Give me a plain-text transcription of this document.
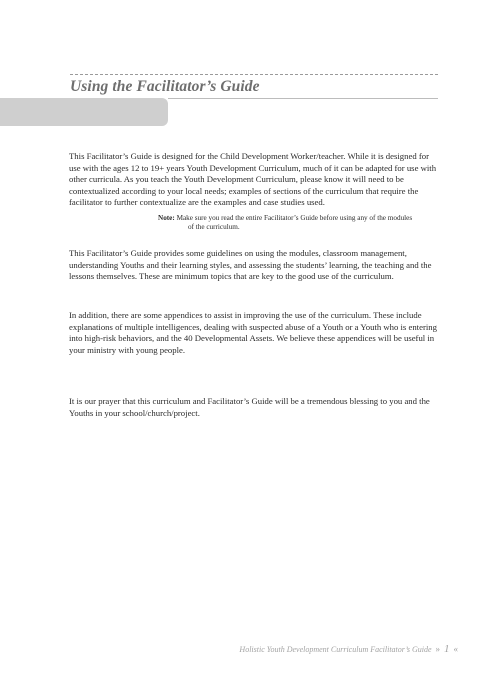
Using the Facilitator’s Guide

This Facilitator’s Guide is designed for the Child Development Worker/teacher. While it is designed for use with the ages 12 to 19+ years Youth Development Curriculum, much of it can be adapted for use with other curricula. As you teach the Youth Development Curriculum, please know it will need to be contextualized according to your local needs; examples of sections of the curriculum that require the facilitator to further contextualize are the examples and case studies used.

Note: Make sure you read the entire Facilitator’s Guide before using any of the modules
of the curriculum.

This Facilitator’s Guide provides some guidelines on using the modules, classroom management, understanding Youths and their learning styles, and assessing the students’ learning, the teaching and the lessons themselves. These are minimum topics that are key to the good use of the curriculum.

In addition, there are some appendices to assist in improving the use of the curriculum. These include explanations of multiple intelligences, dealing with suspected abuse of a Youth or a Youth who is entering into high-risk behaviors, and the 40 Developmental Assets. We believe these appendices will be useful in your ministry with young people.

It is our prayer that this curriculum and Facilitator’s Guide will be a tremendous blessing to you and the Youths in your school/church/project.

Holistic Youth Development Curriculum Facilitator’s Guide » 1 «
